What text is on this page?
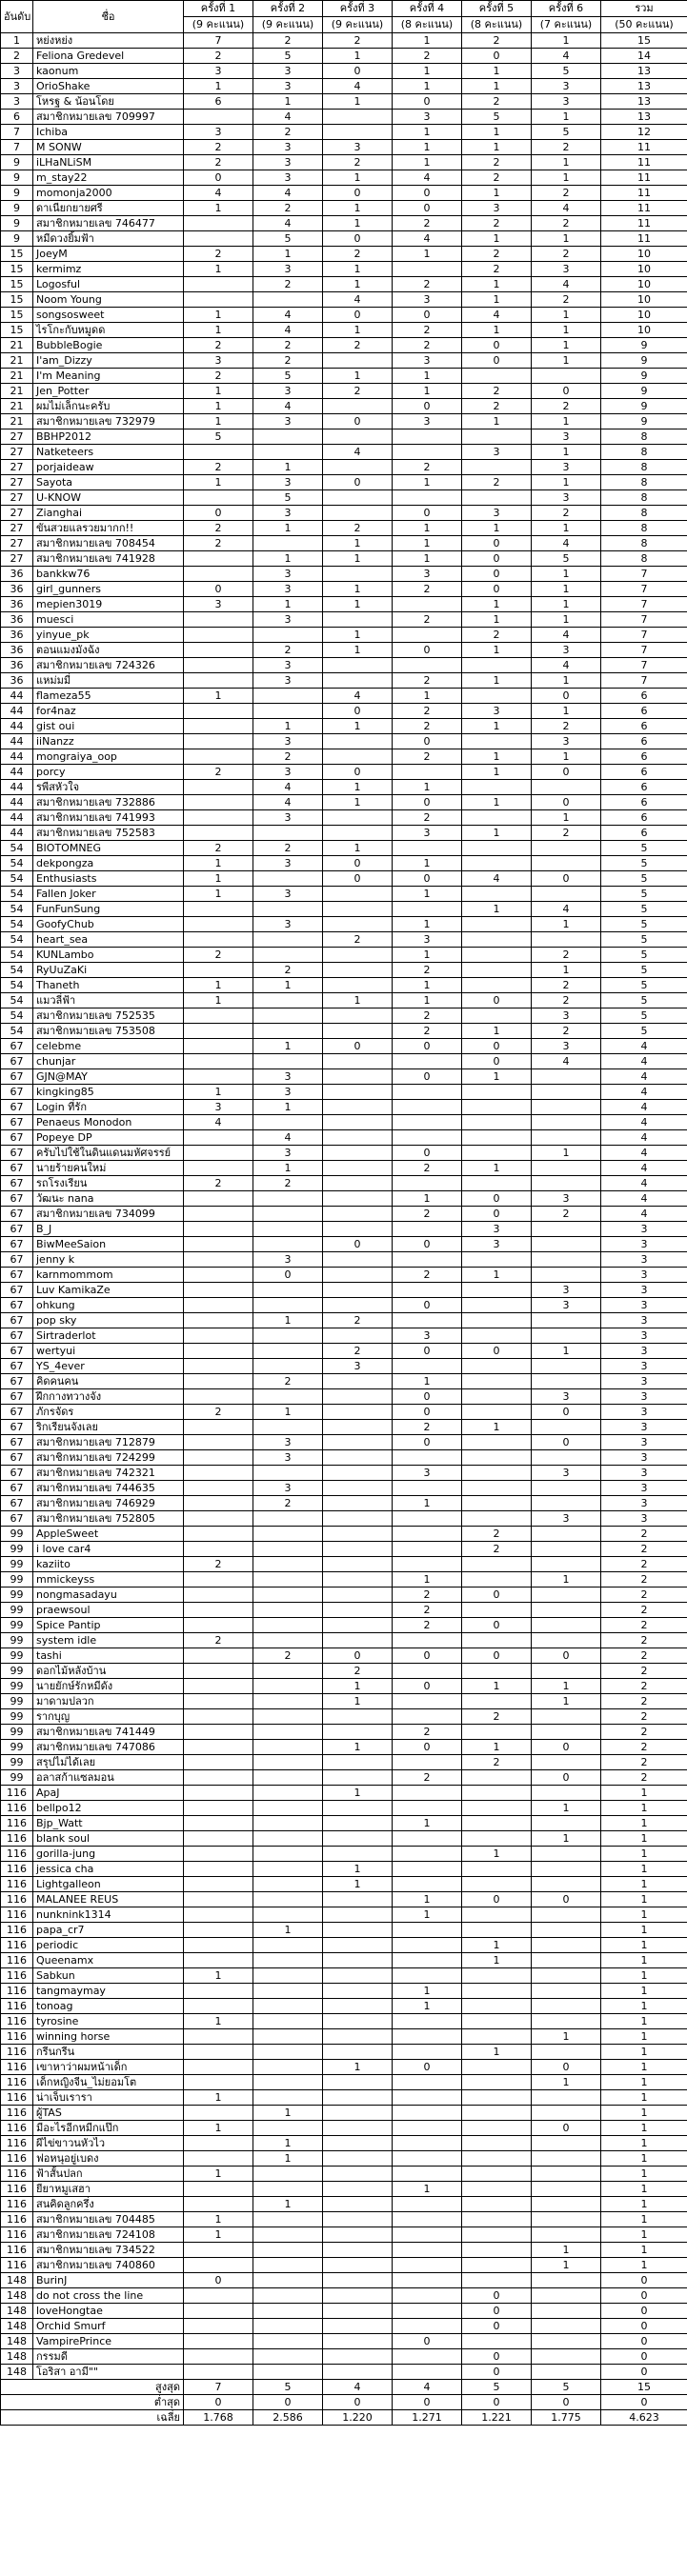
อันดับ	ชื่อ	ครั้งที่ 1	ครั้งที่ 2	ครั้งที่ 3	ครั้งที่ 4	ครั้งที่ 5	ครั้งที่ 6	รวม
		(9 คะแนน)	(9 คะแนน)	(9 คะแนน)	(8 คะแนน)	(8 คะแนน)	(7 คะแนน)	(50 คะแนน)
1	หย่งหย่ง	7	2	2	1	2	1	15
2	Feliona Gredevel	2	5	1	2	0	4	14
3	kaonum	3	3	0	1	1	5	13
3	OrioShake	1	3	4	1	1	3	13
3	โหรฐ & น้อนโดย	6	1	1	0	2	3	13
6	สมาชิกหมายเลข 709997		4		3	5	1	13
7	Ichiba	3	2		1	1	5	12
7	M SONW	2	3	3	1	1	2	11
9	iLHaNLiSM	2	3	2	1	2	1	11
9	m_stay22	0	3	1	4	2	1	11
9	momonja2000	4	4	0	0	1	2	11
9	ดาเนียกยายศรี	1	2	1	0	3	4	11
9	สมาชิกหมายเลข 746477		4	1	2	2	2	11
9	หมีดวงยิ้มฟ้า		5	0	4	1	1	11
15	JoeyM	2	1	2	1	2	2	10
15	kermimz	1	3	1		2	3	10
15	Logosful		2	1	2	1	4	10
15	Noom Young			4	3	1	2	10
15	songsosweet	1	4	0	0	4	1	10
15	ไรโกะกับหมูดด	1	4	1	2	1	1	10
21	BubbleBogie	2	2	2	2	0	1	9
21	I'am_Dizzy	3	2		3	0	1	9
21	I'm Meaning	2	5	1	1			9
21	Jen_Potter	1	3	2	1	2	0	9
21	ผมไม่เล็กนะครับ	1	4		0	2	2	9
21	สมาชิกหมายเลข 732979	1	3	0	3	1	1	9
27	BBHP2012	5					3	8
27	Natketeers			4		3	1	8
27	porjaideaw	2	1		2		3	8
27	Sayota	1	3	0	1	2	1	8
27	U-KNOW		5				3	8
27	Zianghai	0	3		0	3	2	8
27	ขันสวยแลรวยมากก!!	2	1	2	1	1	1	8
27	สมาชิกหมายเลข 708454	2		1	1	0	4	8
27	สมาชิกหมายเลข 741928		1	1	1	0	5	8
36	bankkw76		3		3	0	1	7
36	girl_gunners	0	3	1	2	0	1	7
36	mepien3019	3	1	1		1	1	7
36	muesci		3		2	1	1	7
36	yinyue_pk			1		2	4	7
36	ตอนแมงมังฉัง		2	1	0	1	3	7
36	สมาชิกหมายเลข 724326		3				4	7
36	แหม่มมี่		3		2	1	1	7
44	flameza55	1		4	1		0	6
44	for4naz			0	2	3	1	6
44	gist oui		1	1	2	1	2	6
44	iiNanzz		3		0		3	6
44	mongraiya_oop		2		2	1	1	6
44	porcy	2	3	0		1	0	6
44	รพีสหัวใจ		4	1	1			6
44	สมาชิกหมายเลข 732886		4	1	0	1	0	6
44	สมาชิกหมายเลข 741993		3		2		1	6
44	สมาชิกหมายเลข 752583				3	1	2	6
54	BIOTOMNEG	2	2	1				5
54	dekpongza	1	3	0	1			5
54	Enthusiasts	1		0	0	4	0	5
54	Fallen Joker	1	3		1			5
54	FunFunSung					1	4	5
54	GoofyChub		3		1		1	5
54	heart_sea			2	3			5
54	KUNLambo	2			1		2	5
54	RyUuZaKi		2		2		1	5
54	Thaneth	1	1		1		2	5
54	แมวลี่ฟ้า	1		1	1	0	2	5
54	สมาชิกหมายเลข 752535				2		3	5
54	สมาชิกหมายเลข 753508				2	1	2	5
67	celebme		1	0	0	0	3	4
67	chunjar					0	4	4
67	GJN@MAY		3		0	1		4
67	kingking85	1	3					4
67	Login ที่รัก	3	1					4
67	Penaeus Monodon	4						4
67	Popeye DP		4					4
67	ครับไปใช้ในดินแดนมหัศจรรย์		3		0		1	4
67	นายร้ายคนใหม่		1		2	1		4
67	รถโรงเรียน	2	2					4
67	วัฒนะ nana				1	0	3	4
67	สมาชิกหมายเลข 734099				2	0	2	4
67	B_J					3		3
67	BiwMeeSaion			0	0	3		3
67	jenny k		3					3
67	karnmommom		0		2	1		3
67	Luv KamikaZe						3	3
67	ohkung				0		3	3
67	pop sky		1	2				3
67	Sirtraderlot				3			3
67	wertyui			2	0	0	1	3
67	YS_4ever			3				3
67	คิดคนคน		2		1			3
67	ฝึกกางทวางจัง				0		3	3
67	ภักรจัดร	2	1		0		0	3
67	ริกเรียนจังเลย				2	1		3
67	สมาชิกหมายเลข 712879		3		0		0	3
67	สมาชิกหมายเลข 724299		3					3
67	สมาชิกหมายเลข 742321				3		3	3
67	สมาชิกหมายเลข 744635		3					3
67	สมาชิกหมายเลข 746929		2		1			3
67	สมาชิกหมายเลข 752805						3	3
99	AppleSweet					2		2
99	i love car4					2		2
99	kaziito	2						2
99	mmickeyss				1		1	2
99	nongmasadayu				2	0		2
99	praewsoul				2			2
99	Spice Pantip				2	0		2
99	system idle	2						2
99	tashi		2	0	0	0	0	2
99	ดอกไม้หลังบ้าน			2				2
99	นายยักษ์รักหมีดัง			1	0	1	1	2
99	มาดามปลวก			1			1	2
99	รากบุญ					2		2
99	สมาชิกหมายเลข 741449				2			2
99	สมาชิกหมายเลข 747086			1	0	1	0	2
99	สรุปไม่ได้เลย					2		2
99	อลาสก้าแซลมอน				2		0	2
116	ApaJ			1				1
116	bellpo12						1	1
116	Bjp_Watt				1			1
116	blank soul						1	1
116	gorilla-jung					1		1
116	jessica cha			1				1
116	Lightgalleon			1				1
116	MALANEE REUS				1	0	0	1
116	nunknink1314				1			1
116	papa_cr7		1					1
116	periodic					1		1
116	Queenamx					1		1
116	Sabkun	1						1
116	tangmaymay				1			1
116	tonoag				1			1
116	tyrosine	1						1
116	winning horse						1	1
116	กรีนกรีน					1		1
116	เขาหาว่าผมหน้าเด็ก			1	0		0	1
116	เด็กหญิงจีน_ไม่ยอมโต						1	1
116	น่าเจ็บเรารา	1						1
116	ผู้TAS		1					1
116	มีอะไรอีกหมีกแป๊ก	1					0	1
116	ผีไข่ขาวนหัวไว		1					1
116	ฟอหนุอยู่เบดง		1					1
116	ฟ้าสั้นปลก	1						1
116	ยียาหมูเสฮา				1			1
116	สนคิดลูกครึ่ง		1					1
116	สมาชิกหมายเลข 704485	1						1
116	สมาชิกหมายเลข 724108	1						1
116	สมาชิกหมายเลข 734522						1	1
116	สมาชิกหมายเลข 740860						1	1
148	BurinJ	0						0
148	do not cross the line					0		0
148	loveHongtae					0		0
148	Orchid Smurf					0		0
148	VampirePrince				0			0
148	กรรมดี					0		0
148	โอริสา อามี""					0		0
สูงสุด		7	5	4	4	5	5	15
ต่ำสุด		0	0	0	0	0	0	0
เฉลี่ย		1.768	2.586	1.220	1.271	1.221	1.775	4.623
